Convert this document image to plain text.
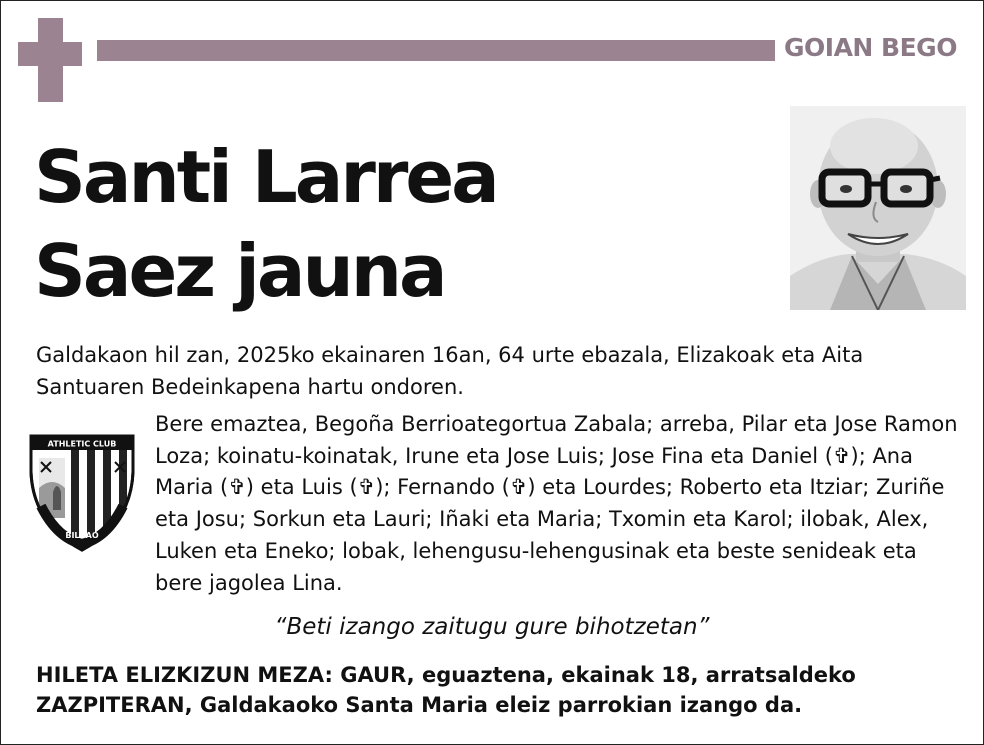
GOIAN BEGO
Santi Larrea
Saez jauna

Galdakaon hil zan, 2025ko ekainaren 16an, 64 urte ebazala, Elizakoak eta Aita Santuaren Bedeinkapena hartu ondoren.

ATHLETIC CLUB
BILBAO

Bere emaztea, Begoña Berrioategortua Zabala; arreba, Pilar eta Jose Ramon Loza; koinatu-koinatak, Irune eta Jose Luis; Jose Fina eta Daniel (✞); Ana Maria (✞) eta Luis (✞); Fernando (✞) eta Lourdes; Roberto eta Itziar; Zuriñe eta Josu; Sorkun eta Lauri; Iñaki eta Maria; Txomin eta Karol; ilobak, Alex, Luken eta Eneko; lobak, lehengusu-lehengusinak eta beste senideak eta bere jagolea Lina.

“Beti izango zaitugu gure bihotzetan”

HILETA ELIZKIZUN MEZA: GAUR, eguaztena, ekainak 18, arratsaldeko ZAZPITERAN, Galdakaoko Santa Maria eleiz parrokian izango da.
